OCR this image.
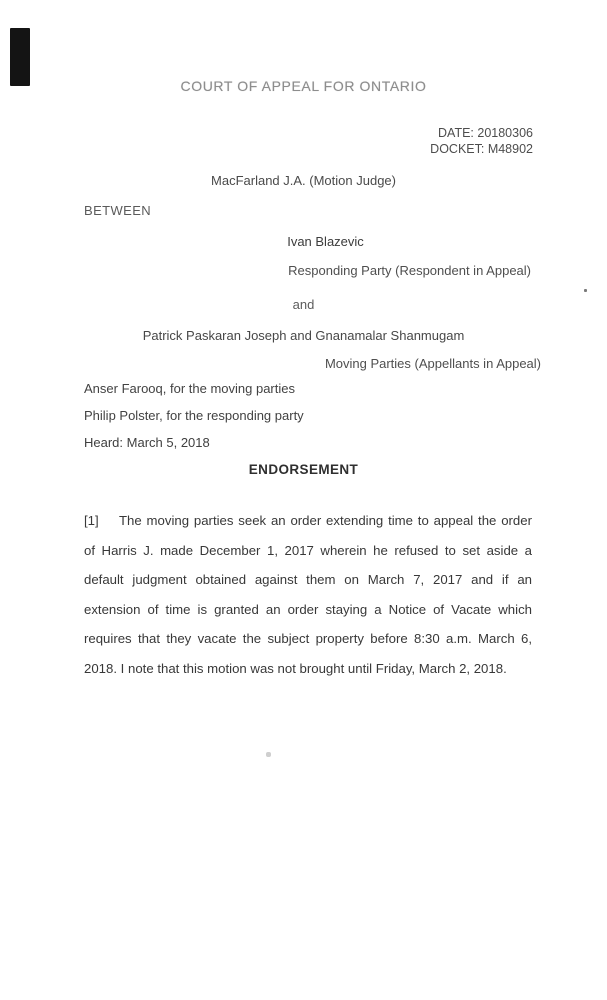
COURT OF APPEAL FOR ONTARIO
DATE: 20180306
DOCKET: M48902
MacFarland J.A. (Motion Judge)
BETWEEN
Ivan Blazevic
Responding Party (Respondent in Appeal)
and
Patrick Paskaran Joseph and Gnanamalar Shanmugam
Moving Parties (Appellants in Appeal)
Anser Farooq, for the moving parties
Philip Polster, for the responding party
Heard: March 5, 2018
ENDORSEMENT

[1] The moving parties seek an order extending time to appeal the order of Harris J. made December 1, 2017 wherein he refused to set aside a default judgment obtained against them on March 7, 2017 and if an extension of time is granted an order staying a Notice of Vacate which requires that they vacate the subject property before 8:30 a.m. March 6, 2018. I note that this motion was not brought until Friday, March 2, 2018.
